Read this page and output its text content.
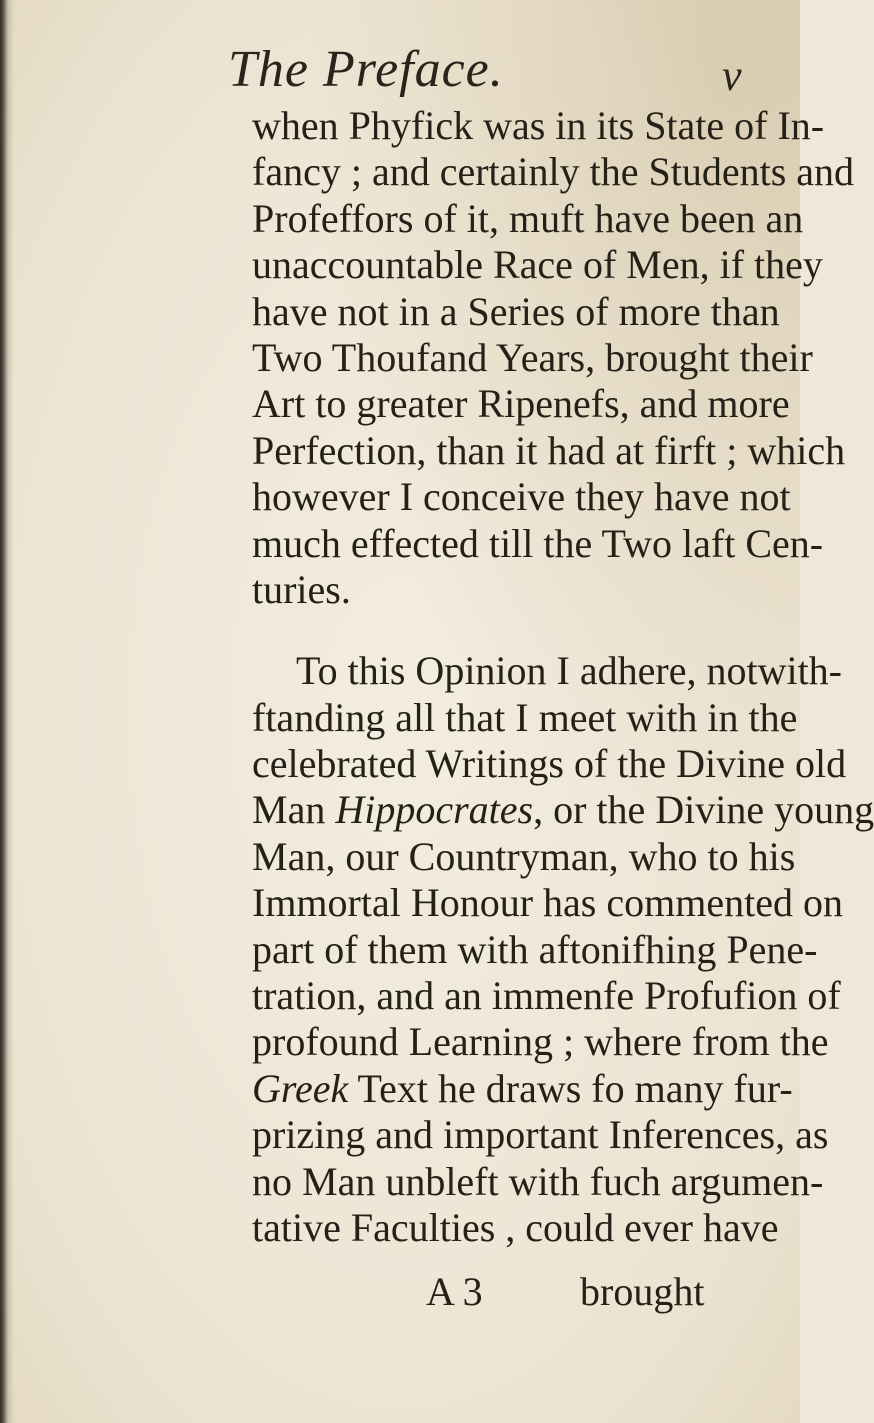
The Preface.	v
when Phyfick was in its State of In-
fancy ; and certainly the Students and
Profeffors of it, muft have been an
unaccountable Race of Men, if they
have not in a Series of more than
Two Thoufand Years, brought their
Art to greater Ripenefs, and more
Perfection, than it had at firft ; which
however I conceive they have not
much effected till the Two laft Cen-
turies.
To this Opinion I adhere, notwith-
ftanding all that I meet with in the
celebrated Writings of the Divine old
Man Hippocrates, or the Divine young
Man, our Countryman, who to his
Immortal Honour has commented on
part of them with aftonifhing Pene-
tration, and an immenfe Profufion of
profound Learning ; where from the
Greek Text he draws fo many fur-
prizing and important Inferences, as
no Man unbleft with fuch argumen-
tative Faculties , could ever have
A 3 brought
